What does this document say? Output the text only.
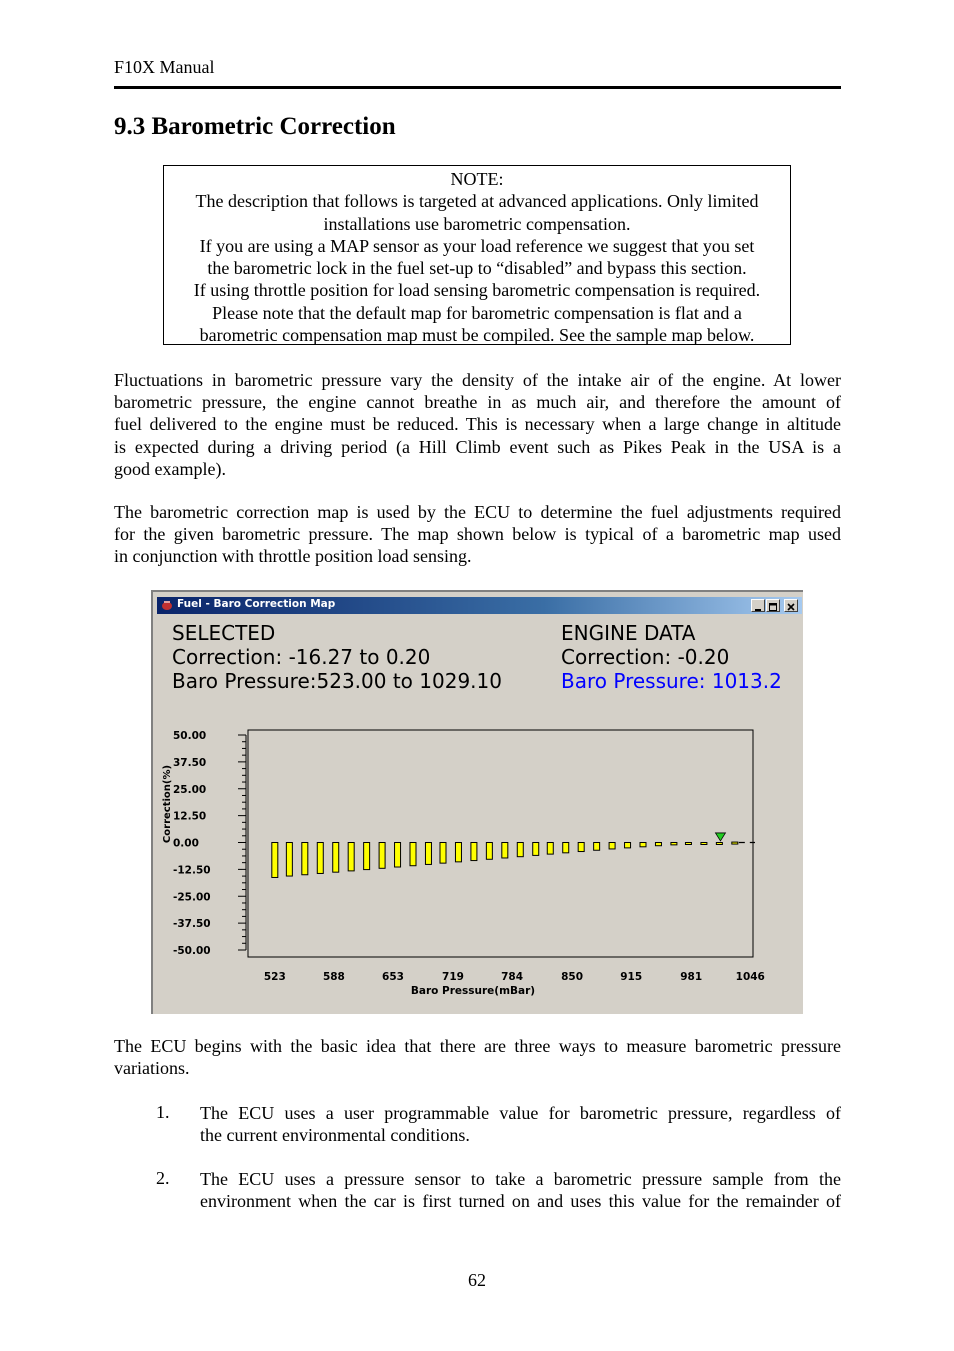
F10X Manual
9.3 Barometric Correction
NOTE:
The description that follows is targeted at advanced applications. Only limited
installations use barometric compensation.
If you are using a MAP sensor as your load reference we suggest that you set
the barometric lock in the fuel set-up to “disabled” and bypass this section.
If using throttle position for load sensing barometric compensation is required.
Please note that the default map for barometric compensation is flat and a
barometric compensation map must be compiled. See the sample map below.
Fluctuations in barometric pressure vary the density of the intake air of the engine. At lower
barometric pressure, the engine cannot breathe in as much air, and therefore the amount of
fuel delivered to the engine must be reduced. This is necessary when a large change in altitude
is expected during a driving period (a Hill Climb event such as Pikes Peak in the USA is a
good example).
The barometric correction map is used by the ECU to determine the fuel adjustments required
for the given barometric pressure. The map shown below is typical of a barometric map used
in conjunction with throttle position load sensing.
Fuel - Baro Correction Map
SELECTED
Correction: -16.27 to 0.20
Baro Pressure:523.00 to 1029.10
ENGINE DATA
Correction: -0.20
Baro Pressure: 1013.2
50.00
37.50
25.00
12.50
0.00
-12.50
-25.00
-37.50
-50.00
523	588	653	719	784	850	915	981	1046
Baro Pressure(mBar)
Correction(%)
The ECU begins with the basic idea that there are three ways to measure barometric pressure
variations.
1. The ECU uses a user programmable value for barometric pressure, regardless of
the current environmental conditions.
2. The ECU uses a pressure sensor to take a barometric pressure sample from the
environment when the car is first turned on and uses this value for the remainder of
62
